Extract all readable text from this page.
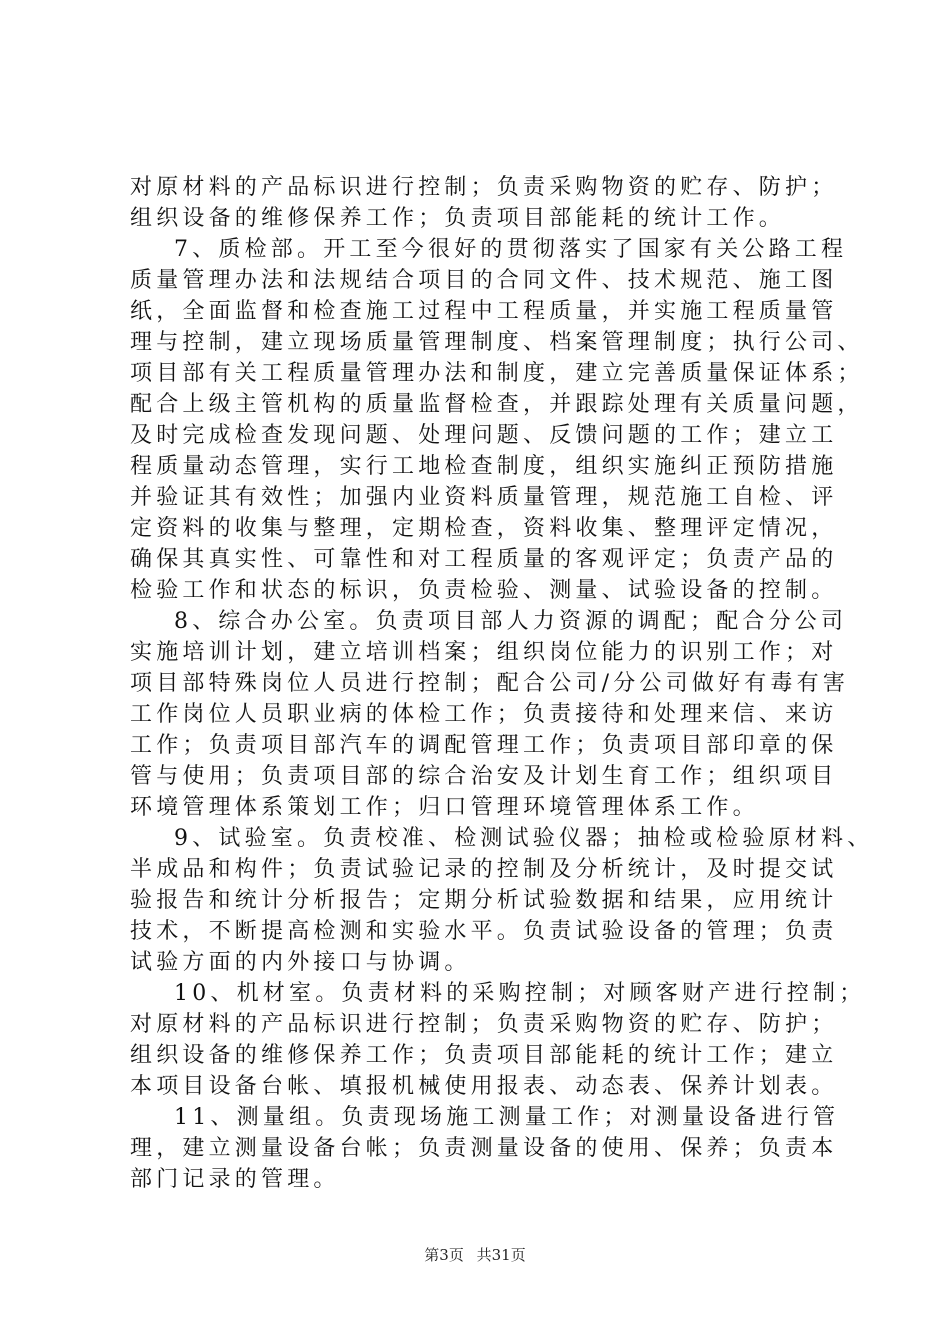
对原材料的产品标识进行控制；负责采购物资的贮存、防护；
组织设备的维修保养工作；负责项目部能耗的统计工作。
7、质检部。开工至今很好的贯彻落实了国家有关公路工程
质量管理办法和法规结合项目的合同文件、技术规范、施工图
纸，全面监督和检查施工过程中工程质量，并实施工程质量管
理与控制，建立现场质量管理制度、档案管理制度；执行公司、
项目部有关工程质量管理办法和制度，建立完善质量保证体系；
配合上级主管机构的质量监督检查，并跟踪处理有关质量问题，
及时完成检查发现问题、处理问题、反馈问题的工作；建立工
程质量动态管理，实行工地检查制度，组织实施纠正预防措施
并验证其有效性；加强内业资料质量管理，规范施工自检、评
定资料的收集与整理，定期检查，资料收集、整理评定情况，
确保其真实性、可靠性和对工程质量的客观评定；负责产品的
检验工作和状态的标识，负责检验、测量、试验设备的控制。
8、综合办公室。负责项目部人力资源的调配；配合分公司
实施培训计划，建立培训档案；组织岗位能力的识别工作；对
项目部特殊岗位人员进行控制；配合公司/分公司做好有毒有害
工作岗位人员职业病的体检工作；负责接待和处理来信、来访
工作；负责项目部汽车的调配管理工作；负责项目部印章的保
管与使用；负责项目部的综合治安及计划生育工作；组织项目
环境管理体系策划工作；归口管理环境管理体系工作。
9、试验室。负责校准、检测试验仪器；抽检或检验原材料、
半成品和构件；负责试验记录的控制及分析统计，及时提交试
验报告和统计分析报告；定期分析试验数据和结果，应用统计
技术，不断提高检测和实验水平。负责试验设备的管理；负责
试验方面的内外接口与协调。
10、机材室。负责材料的采购控制；对顾客财产进行控制；
对原材料的产品标识进行控制；负责采购物资的贮存、防护；
组织设备的维修保养工作；负责项目部能耗的统计工作；建立
本项目设备台帐、填报机械使用报表、动态表、保养计划表。
11、测量组。负责现场施工测量工作；对测量设备进行管
理，建立测量设备台帐；负责测量设备的使用、保养；负责本
部门记录的管理。
第3页 共31页
